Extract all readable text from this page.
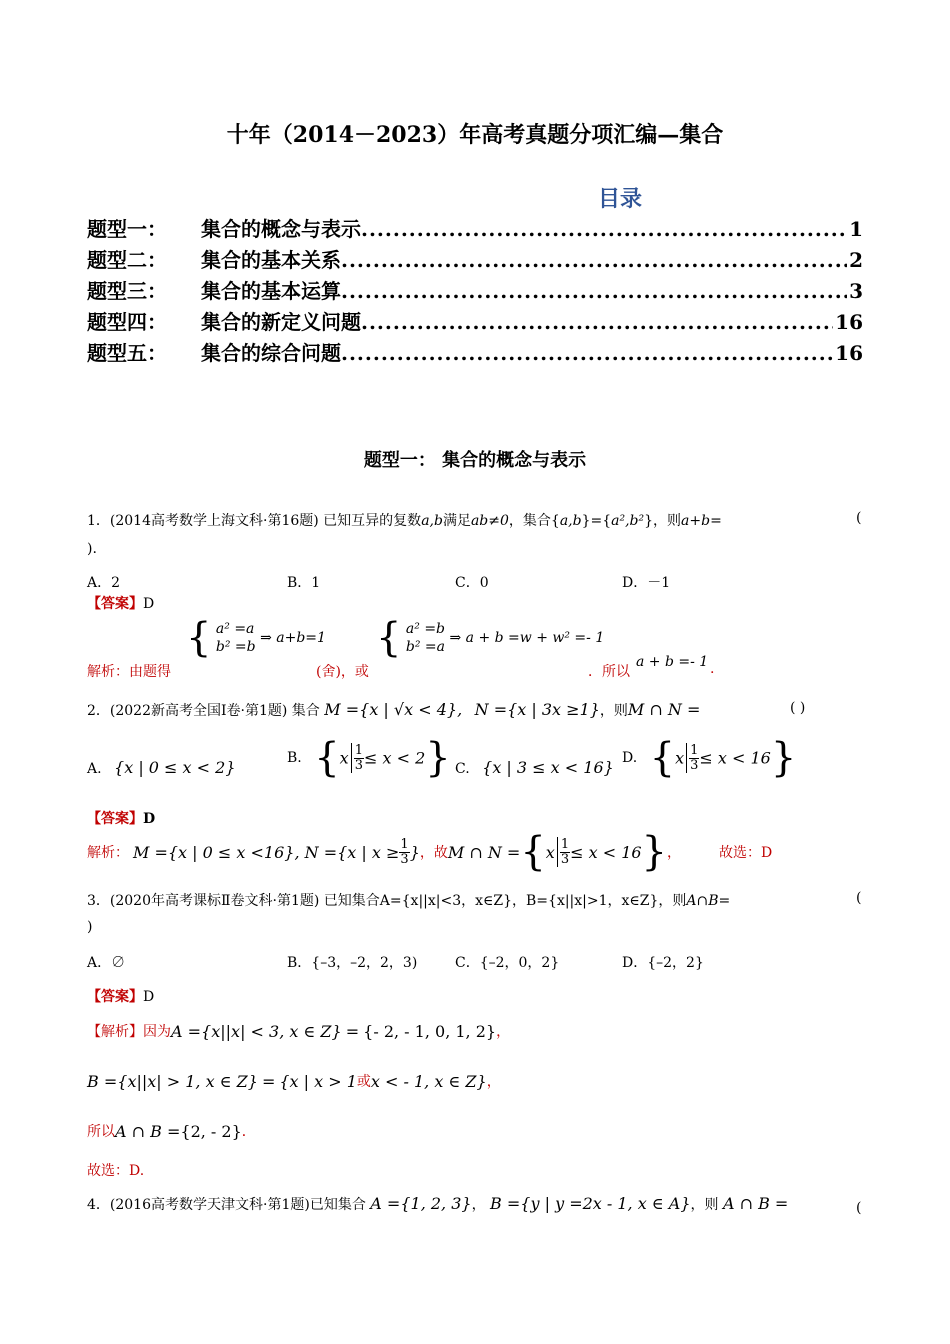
十年（2014－2023）年高考真题分项汇编—集合
目录
题型一：	集合的概念与表示 .....	1
题型二：	集合的基本关系 .....	2
题型三：	集合的基本运算 .....	3
题型四：	集合的新定义问题 .....	16
题型五：	集合的综合问题 .....	16
题型一： 集合的概念与表示
1．(2014高考数学上海文科·第16题) 已知互异的复数a,b满足ab≠0，集合{a,b}={a²,b²}，则a+b=	(
).
A．2	B．1	C．0	D．－1
【答案】D
解析：由题得
{ a² =a
b² =b ⇒ a+b=1
(舍)，或
{ a² =b
b² =a ⇒ a + b =w + w² =- 1
．所以
a + b =- 1 .
2．(2022新高考全国I卷·第1题) 集合 M ={x | √x < 4}, N ={x | 3x ≥1}，则M ∩ N =	( )
A. {x | 0 ≤ x < 2}	B. $\{x \frac{1}{3} \le x < 2\}$ C. {x | 3 ≤ x < 16} D. $\{x \frac{1}{3} \le x < 16\}$
【答案】D
解析： M ={x | 0 ≤ x <16}, N ={x | $x \ge \frac{1}{3}$ } ，故 M ∩ N = { x $\frac{1}{3} \le x < 16$ } ，	故选：D
3．(2020年高考课标Ⅱ卷文科·第1题) 已知集合A={x||x|<3，x∈Z}，B={x||x|>1，x∈Z}，则A∩B=	(
)
A．∅	B．{–3，–2，2，3)	C．{–2，0，2}	D．{–2，2}
【答案】D
【解析】 因为 A = {x||x| < 3, x ∈ Z} = {- 2, - 1, 0, 1, 2} ，
B = {x||x| > 1, x ∈ Z} = {x | x > 1 或 x < - 1, x ∈ Z} ，
所以 A ∩ B = {2, - 2} ．
故选：D.
4．(2016高考数学天津文科·第1题)已知集合 A ={1, 2, 3}， B ={y | y =2x - 1, x ∈ A}，则 A ∩ B =	(
